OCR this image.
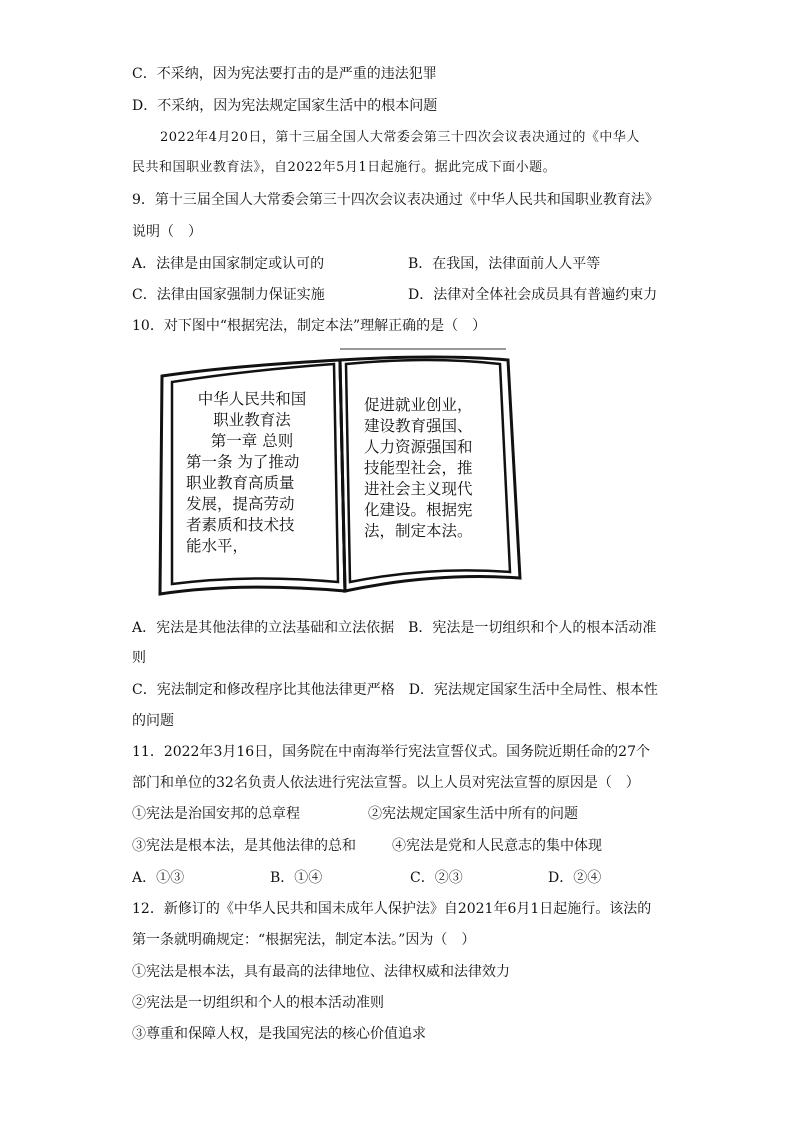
C．不采纳，因为宪法要打击的是严重的违法犯罪
D．不采纳，因为宪法规定国家生活中的根本问题
2022年4月20日，第十三届全国人大常委会第三十四次会议表决通过的《中华人
民共和国职业教育法》，自2022年5月1日起施行。据此完成下面小题。
9．第十三届全国人大常委会第三十四次会议表决通过《中华人民共和国职业教育法》
说明（　）
A．法律是由国家制定或认可的	B．在我国，法律面前人人平等
C．法律由国家强制力保证实施	D．法律对全体社会成员具有普遍约束力
10．对下图中“根据宪法，制定本法”理解正确的是（　）
中华人民共和国
职业教育法
第一章 总则
第一条 为了推动
职业教育高质量
发展，提高劳动
者素质和技术技
能水平，
促进就业创业，
建设教育强国、
人力资源强国和
技能型社会，推
进社会主义现代
化建设。根据宪
法，制定本法。
A．宪法是其他法律的立法基础和立法依据　B．宪法是一切组织和个人的根本活动准
则
C．宪法制定和修改程序比其他法律更严格　D．宪法规定国家生活中全局性、根本性
的问题
11．2022年3月16日，国务院在中南海举行宪法宣誓仪式。国务院近期任命的27个
部门和单位的32名负责人依法进行宪法宣誓。以上人员对宪法宣誓的原因是（　）
①宪法是治国安邦的总章程	②宪法规定国家生活中所有的问题
③宪法是根本法，是其他法律的总和	④宪法是党和人民意志的集中体现
A．①③	B．①④	C．②③	D．②④
12．新修订的《中华人民共和国未成年人保护法》自2021年6月1日起施行。该法的
第一条就明确规定：“根据宪法，制定本法。”因为（　）
①宪法是根本法，具有最高的法律地位、法律权威和法律效力
②宪法是一切组织和个人的根本活动准则
③尊重和保障人权，是我国宪法的核心价值追求
